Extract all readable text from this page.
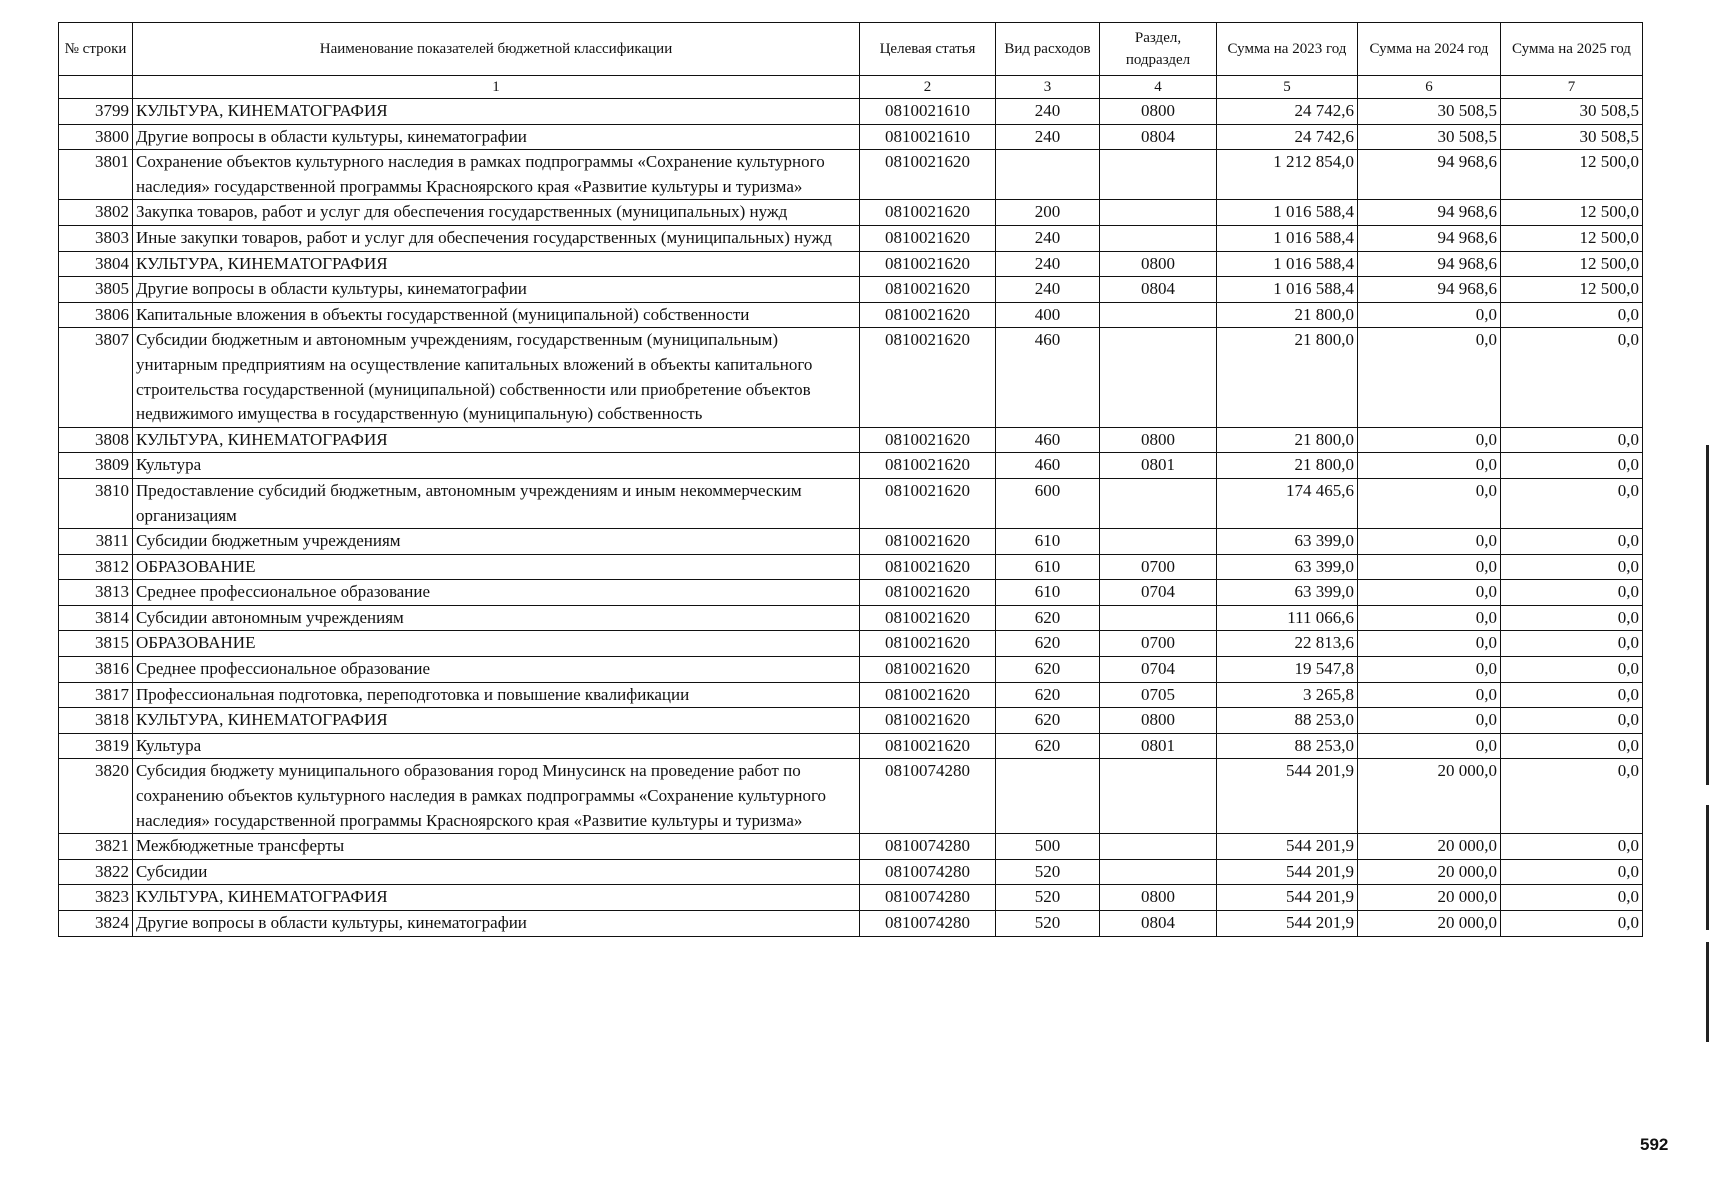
№ строки	Наименование показателей бюджетной классификации	Целевая статья	Вид расходов	Раздел, подраздел	Сумма на 2023 год	Сумма на 2024 год	Сумма на 2025 год
	1	2	3	4	5	6	7
3799	КУЛЬТУРА, КИНЕМАТОГРАФИЯ	0810021610	240	0800	24 742,6	30 508,5	30 508,5
3800	Другие вопросы в области культуры, кинематографии	0810021610	240	0804	24 742,6	30 508,5	30 508,5
3801	Сохранение объектов культурного наследия в рамках подпрограммы «Сохранение культурного наследия» государственной программы Красноярского края «Развитие культуры и туризма»	0810021620			1 212 854,0	94 968,6	12 500,0
3802	Закупка товаров, работ и услуг для обеспечения государственных (муниципальных) нужд	0810021620	200		1 016 588,4	94 968,6	12 500,0
3803	Иные закупки товаров, работ и услуг для обеспечения государственных (муниципальных) нужд	0810021620	240		1 016 588,4	94 968,6	12 500,0
3804	КУЛЬТУРА, КИНЕМАТОГРАФИЯ	0810021620	240	0800	1 016 588,4	94 968,6	12 500,0
3805	Другие вопросы в области культуры, кинематографии	0810021620	240	0804	1 016 588,4	94 968,6	12 500,0
3806	Капитальные вложения в объекты государственной (муниципальной) собственности	0810021620	400		21 800,0	0,0	0,0
3807	Субсидии бюджетным и автономным учреждениям, государственным (муниципальным) унитарным предприятиям на осуществление капитальных вложений в объекты капитального строительства государственной (муниципальной) собственности или приобретение объектов недвижимого имущества в государственную (муниципальную) собственность	0810021620	460		21 800,0	0,0	0,0
3808	КУЛЬТУРА, КИНЕМАТОГРАФИЯ	0810021620	460	0800	21 800,0	0,0	0,0
3809	Культура	0810021620	460	0801	21 800,0	0,0	0,0
3810	Предоставление субсидий бюджетным, автономным учреждениям и иным некоммерческим организациям	0810021620	600		174 465,6	0,0	0,0
3811	Субсидии бюджетным учреждениям	0810021620	610		63 399,0	0,0	0,0
3812	ОБРАЗОВАНИЕ	0810021620	610	0700	63 399,0	0,0	0,0
3813	Среднее профессиональное образование	0810021620	610	0704	63 399,0	0,0	0,0
3814	Субсидии автономным учреждениям	0810021620	620		111 066,6	0,0	0,0
3815	ОБРАЗОВАНИЕ	0810021620	620	0700	22 813,6	0,0	0,0
3816	Среднее профессиональное образование	0810021620	620	0704	19 547,8	0,0	0,0
3817	Профессиональная подготовка, переподготовка и повышение квалификации	0810021620	620	0705	3 265,8	0,0	0,0
3818	КУЛЬТУРА, КИНЕМАТОГРАФИЯ	0810021620	620	0800	88 253,0	0,0	0,0
3819	Культура	0810021620	620	0801	88 253,0	0,0	0,0
3820	Субсидия бюджету муниципального образования город Минусинск на проведение работ по сохранению объектов культурного наследия в рамках подпрограммы «Сохранение культурного наследия» государственной программы Красноярского края «Развитие культуры и туризма»	0810074280			544 201,9	20 000,0	0,0
3821	Межбюджетные трансферты	0810074280	500		544 201,9	20 000,0	0,0
3822	Субсидии	0810074280	520		544 201,9	20 000,0	0,0
3823	КУЛЬТУРА, КИНЕМАТОГРАФИЯ	0810074280	520	0800	544 201,9	20 000,0	0,0
3824	Другие вопросы в области культуры, кинематографии	0810074280	520	0804	544 201,9	20 000,0	0,0
592
